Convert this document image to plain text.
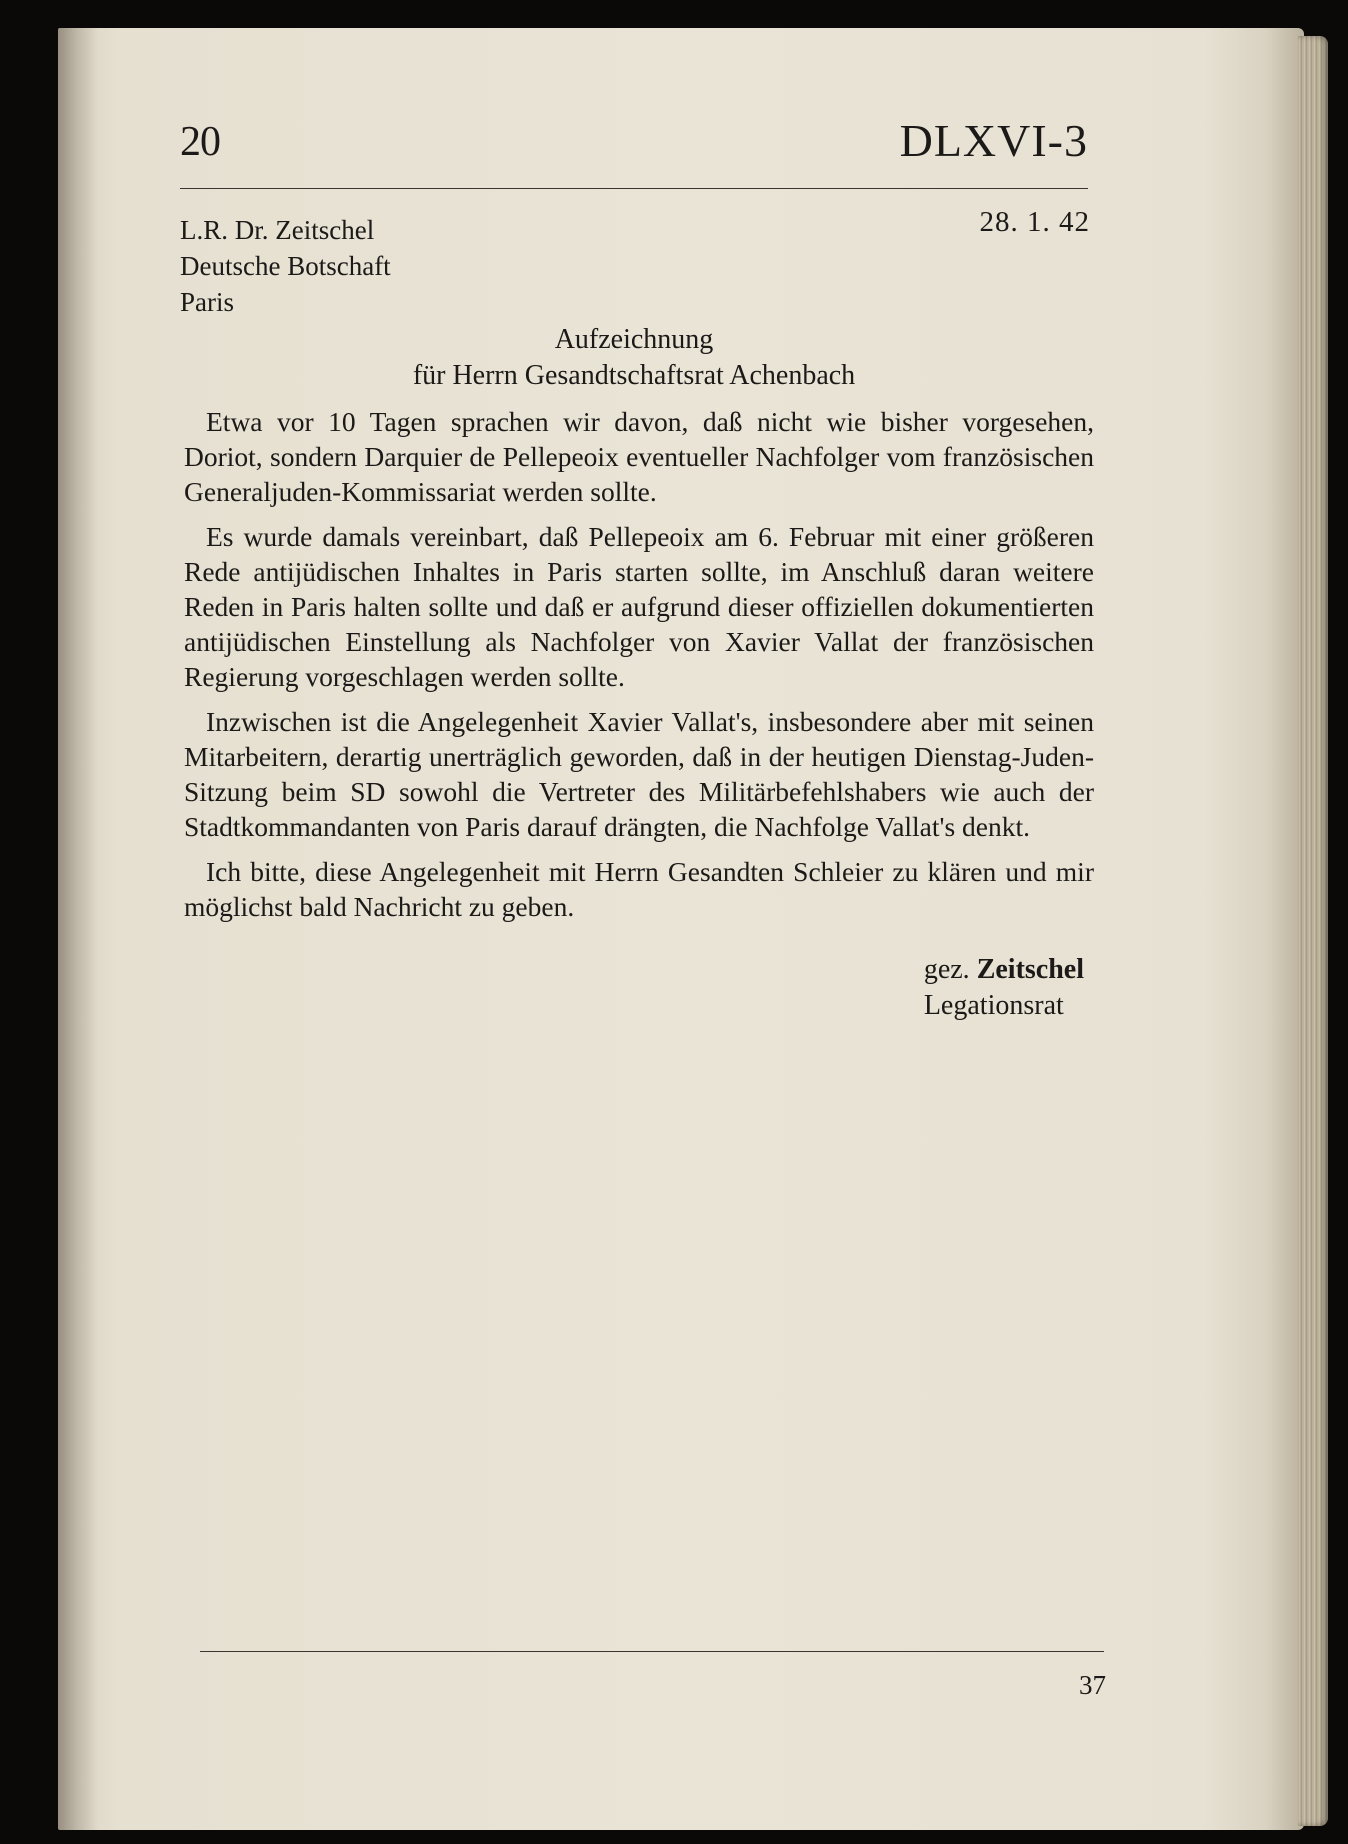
20	DLXVI-3
L.R. Dr. Zeitschel
Deutsche Botschaft
Paris
28. 1. 42
Aufzeichnung
für Herrn Gesandtschaftsrat Achenbach

Etwa vor 10 Tagen sprachen wir davon, daß nicht wie bisher vorgesehen, Doriot, sondern Darquier de Pellepeoix eventueller Nachfolger vom französischen Generaljuden-Kommissariat werden sollte.

Es wurde damals vereinbart, daß Pellepeoix am 6. Februar mit einer größeren Rede antijüdischen Inhaltes in Paris starten sollte, im Anschluß daran weitere Reden in Paris halten sollte und daß er aufgrund dieser offiziellen dokumentierten antijüdischen Einstellung als Nachfolger von Xavier Vallat der französischen Regierung vorgeschlagen werden sollte.

Inzwischen ist die Angelegenheit Xavier Vallat's, insbesondere aber mit seinen Mitarbeitern, derartig unerträglich geworden, daß in der heutigen Dienstag-Juden-Sitzung beim SD sowohl die Vertreter des Militärbefehlshabers wie auch der Stadtkommandanten von Paris darauf drängten, die Nachfolge Vallat's denkt.

Ich bitte, diese Angelegenheit mit Herrn Gesandten Schleier zu klären und mir möglichst bald Nachricht zu geben.

gez. Zeitschel
Legationsrat
37
